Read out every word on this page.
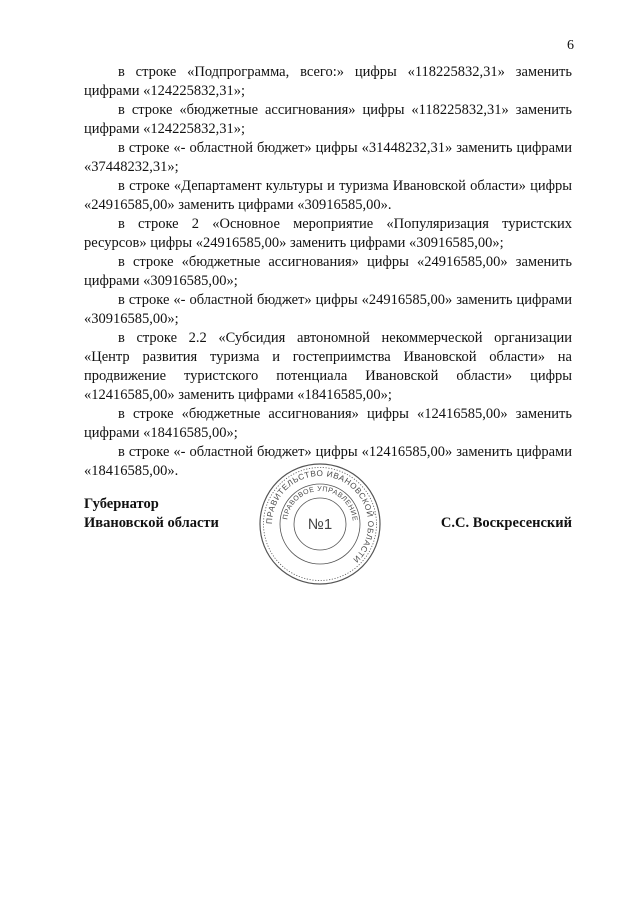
6

в строке «Подпрограмма, всего:» цифры «118225832,31» заменить цифрами «124225832,31»;

в строке «бюджетные ассигнования» цифры «118225832,31» заменить цифрами «124225832,31»;

в строке «- областной бюджет» цифры «31448232,31» заменить цифрами «37448232,31»;

в строке «Департамент культуры и туризма Ивановской области» цифры «24916585,00» заменить цифрами «30916585,00».

в строке 2 «Основное мероприятие «Популяризация туристских ресурсов» цифры «24916585,00» заменить цифрами «30916585,00»;

в строке «бюджетные ассигнования» цифры «24916585,00» заменить цифрами «30916585,00»;

в строке «- областной бюджет» цифры «24916585,00» заменить цифрами «30916585,00»;

в строке 2.2 «Субсидия автономной некоммерческой организации «Центр развития туризма и гостеприимства Ивановской области» на продвижение туристского потенциала Ивановской области» цифры «12416585,00» заменить цифрами «18416585,00»;

в строке «бюджетные ассигнования» цифры «12416585,00» заменить цифрами «18416585,00»;

в строке «- областной бюджет» цифры «12416585,00» заменить цифрами «18416585,00».

Губернатор
Ивановской области	С.С. Воскресенский
ПРАВИТЕЛЬСТВО ИВАНОВСКОЙ ОБЛАСТИ
ПРАВОВОЕ УПРАВЛЕНИЕ
№1
